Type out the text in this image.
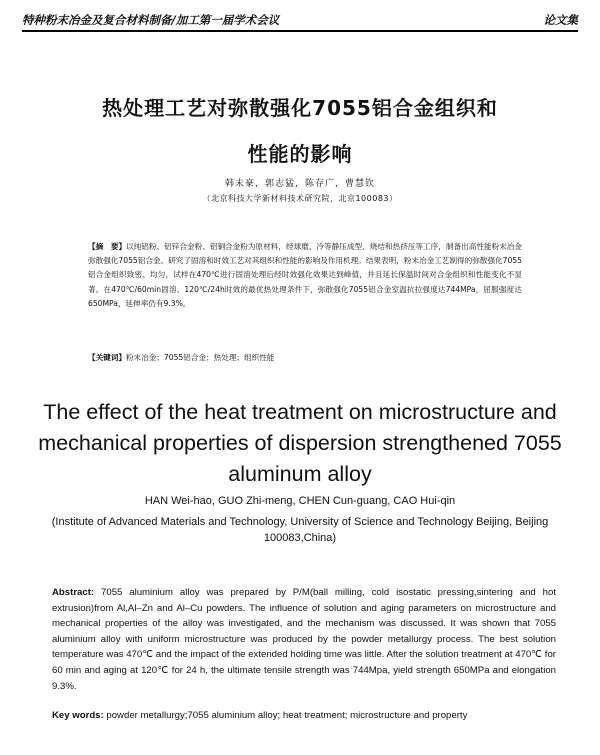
特种粉末冶金及复合材料制备/加工第一届学术会议	论文集
热处理工艺对弥散强化7055铝合金组织和
性能的影响
韩未豪，郭志猛，陈存广，曹慧钦
（北京科技大学新材料技术研究院，北京100083）
【摘　要】以纯铝粉、铝锌合金粉、铝铜合金粉为原材料，经球磨、冷等静压成型、烧结和热挤压等工序，制备出高性能粉末冶金弥散强化7055铝合金。研究了固溶和时效工艺对其组织和性能的影响及作用机理。结果表明，粉末冶金工艺制得的弥散强化7055铝合金组织致密、均匀，试样在470℃进行固溶处理后经时效强化效果达到峰值，并且延长保温时间对合金组织和性能变化不显著。在470℃/60min固溶、120℃/24h时效的最优热处理条件下，弥散强化7055铝合金室温抗拉强度达744MPa，屈服强度达650MPa，延伸率仍有9.3%。
【关键词】粉末冶金；7055铝合金；热处理；组织性能
The effect of the heat treatment on microstructure and mechanical properties of dispersion strengthened 7055 aluminum alloy
HAN Wei-hao, GUO Zhi-meng, CHEN Cun-guang, CAO Hui-qin
(Institute of Advanced Materials and Technology, University of Science and Technology Beijing, Beijing 100083,China)
Abstract: 7055 aluminium alloy was prepared by P/M(ball milling, cold isostatic pressing,sintering and hot extrusion)from Al,Al–Zn and Al–Cu powders. The influence of solution and aging parameters on microstructure and mechanical properties of the alloy was investigated, and the mechanism was discussed. It was shown that 7055 aluminium alloy with uniform microstructure was produced by the powder metallurgy process. The best solution temperature was 470℃ and the impact of the extended holding time was little. After the solution treatment at 470℃ for 60 min and aging at 120℃ for 24 h, the ultimate tensile strength was 744Mpa, yield strength 650MPa and elongation 9.3%.
Key words: powder metallurgy;7055 aluminium alloy; heat treatment; microstructure and property
